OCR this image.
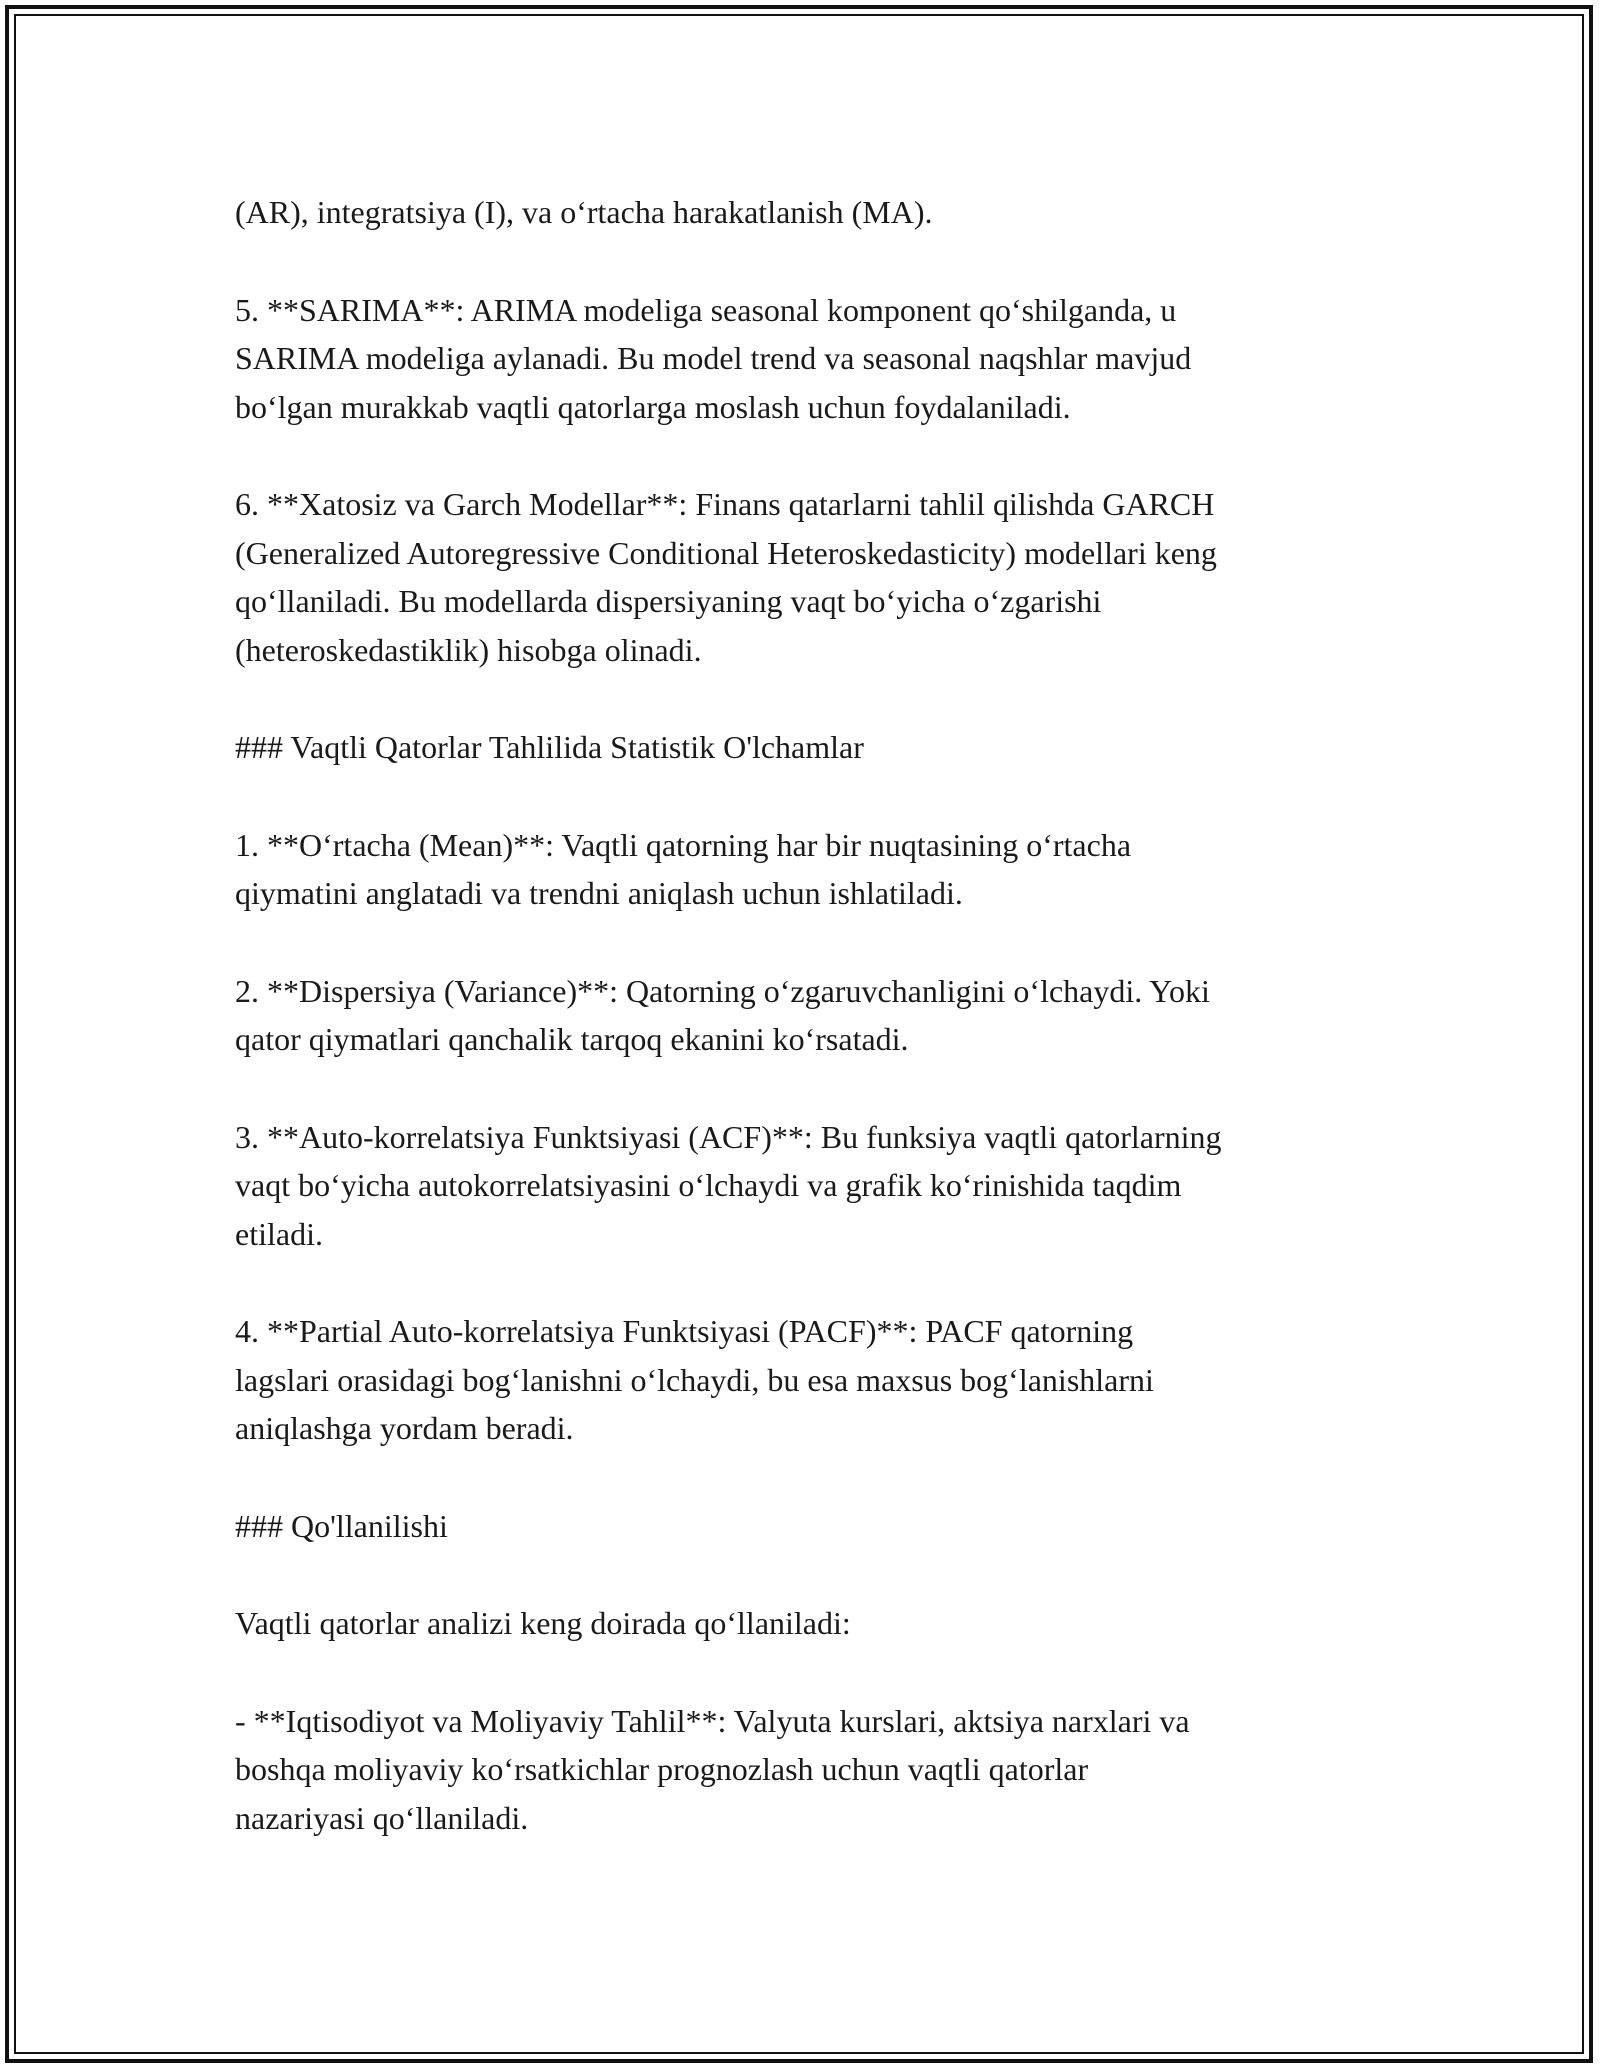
(AR), integratsiya (I), va o‘rtacha harakatlanish (MA).

5. **SARIMA**: ARIMA modeliga seasonal komponent qo‘shilganda, u
SARIMA modeliga aylanadi. Bu model trend va seasonal naqshlar mavjud
bo‘lgan murakkab vaqtli qatorlarga moslash uchun foydalaniladi.

6. **Xatosiz va Garch Modellar**: Finans qatarlarni tahlil qilishda GARCH
(Generalized Autoregressive Conditional Heteroskedasticity) modellari keng
qo‘llaniladi. Bu modellarda dispersiyaning vaqt bo‘yicha o‘zgarishi
(heteroskedastiklik) hisobga olinadi.

### Vaqtli Qatorlar Tahlilida Statistik O'lchamlar

1. **O‘rtacha (Mean)**: Vaqtli qatorning har bir nuqtasining o‘rtacha
qiymatini anglatadi va trendni aniqlash uchun ishlatiladi.

2. **Dispersiya (Variance)**: Qatorning o‘zgaruvchanligini o‘lchaydi. Yoki
qator qiymatlari qanchalik tarqoq ekanini ko‘rsatadi.

3. **Auto-korrelatsiya Funktsiyasi (ACF)**: Bu funksiya vaqtli qatorlarning
vaqt bo‘yicha autokorrelatsiyasini o‘lchaydi va grafik ko‘rinishida taqdim
etiladi.

4. **Partial Auto-korrelatsiya Funktsiyasi (PACF)**: PACF qatorning
lagslari orasidagi bog‘lanishni o‘lchaydi, bu esa maxsus bog‘lanishlarni
aniqlashga yordam beradi.

### Qo'llanilishi

Vaqtli qatorlar analizi keng doirada qo‘llaniladi:

- **Iqtisodiyot va Moliyaviy Tahlil**: Valyuta kurslari, aktsiya narxlari va
boshqa moliyaviy ko‘rsatkichlar prognozlash uchun vaqtli qatorlar
nazariyasi qo‘llaniladi.
